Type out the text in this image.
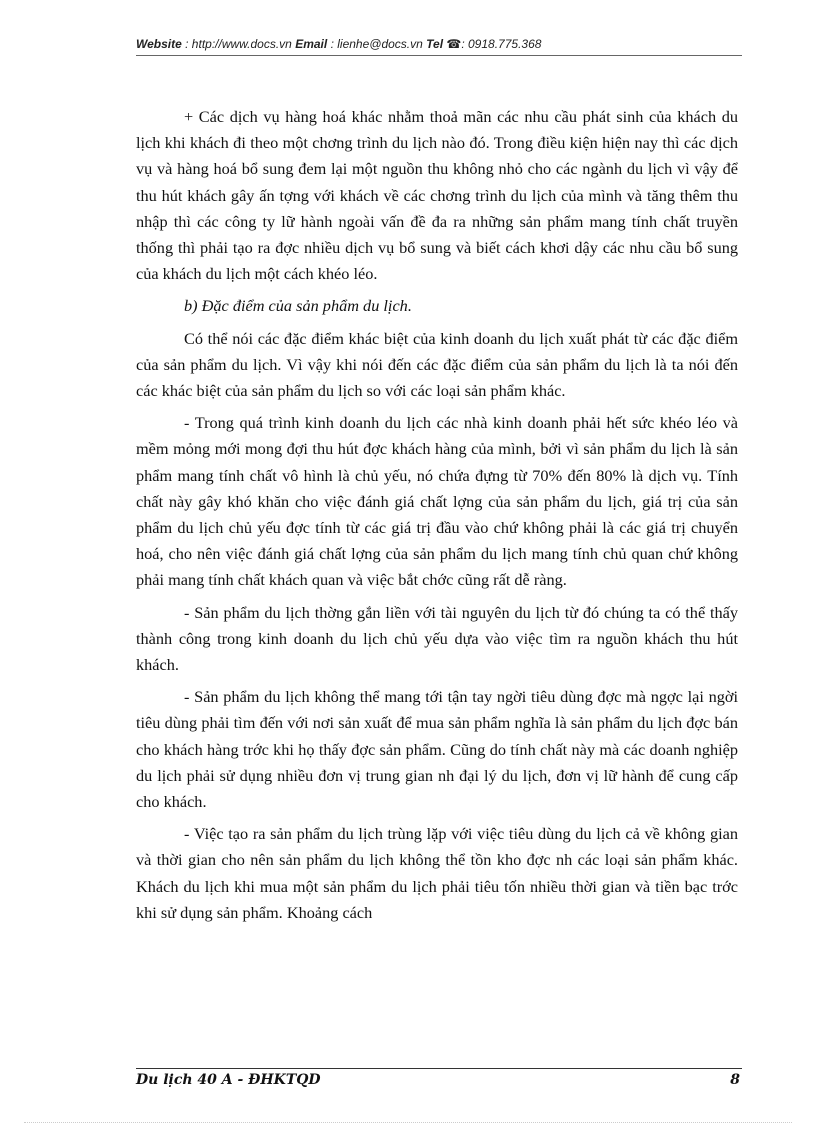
Website : http://www.docs.vn Email : lienhe@docs.vn Tel ☎: 0918.775.368

+ Các dịch vụ hàng hoá khác nhằm thoả mãn các nhu cầu phát sinh của khách du lịch khi khách đi theo một chơng trình du lịch nào đó. Trong điều kiện hiện nay thì các dịch vụ và hàng hoá bổ sung đem lại một nguồn thu không nhỏ cho các ngành du lịch vì vậy để thu hút khách gây ấn tợng với khách về các chơng trình du lịch của mình và tăng thêm thu nhập thì các công ty lữ hành ngoài vấn đề đa ra những sản phẩm mang tính chất truyền thống thì phải tạo ra đợc nhiều dịch vụ bổ sung và biết cách khơi dậy các nhu cầu bổ sung của khách du lịch một cách khéo léo.

b) Đặc điểm của sản phẩm du lịch.

Có thể nói các đặc điểm khác biệt của kinh doanh du lịch xuất phát từ các đặc điểm của sản phẩm du lịch. Vì vậy khi nói đến các đặc điểm của sản phẩm du lịch là ta nói đến các khác biệt của sản phẩm du lịch so với các loại sản phẩm khác.

- Trong quá trình kinh doanh du lịch các nhà kinh doanh phải hết sức khéo léo và mềm mỏng mới mong đợi thu hút đợc khách hàng của mình, bởi vì sản phẩm du lịch là sản phẩm mang tính chất vô hình là chủ yếu, nó chứa đựng từ 70% đến 80% là dịch vụ. Tính chất này gây khó khăn cho việc đánh giá chất lợng của sản phẩm du lịch, giá trị của sản phẩm du lịch chủ yếu đợc tính từ các giá trị đầu vào chứ không phải là các giá trị chuyển hoá, cho nên việc đánh giá chất lợng của sản phẩm du lịch mang tính chủ quan chứ không phải mang tính chất khách quan và việc bắt chớc cũng rất dễ ràng.

- Sản phẩm du lịch thờng gắn liền với tài nguyên du lịch từ đó chúng ta có thể thấy thành công trong kinh doanh du lịch chủ yếu dựa vào việc tìm ra nguồn khách thu hút khách.

- Sản phẩm du lịch không thể mang tới tận tay ngời tiêu dùng đợc mà ngợc lại ngời tiêu dùng phải tìm đến với nơi sản xuất để mua sản phẩm nghĩa là sản phẩm du lịch đợc bán cho khách hàng trớc khi họ thấy đợc sản phẩm. Cũng do tính chất này mà các doanh nghiệp du lịch phải sử dụng nhiều đơn vị trung gian nh đại lý du lịch, đơn vị lữ hành để cung cấp cho khách.

- Việc tạo ra sản phẩm du lịch trùng lặp với việc tiêu dùng du lịch cả về không gian và thời gian cho nên sản phẩm du lịch không thể tồn kho đợc nh các loại sản phẩm khác. Khách du lịch khi mua một sản phẩm du lịch phải tiêu tốn nhiều thời gian và tiền bạc trớc khi sử dụng sản phẩm. Khoảng cách

Du lịch 40 A - ĐHKTQD	8
